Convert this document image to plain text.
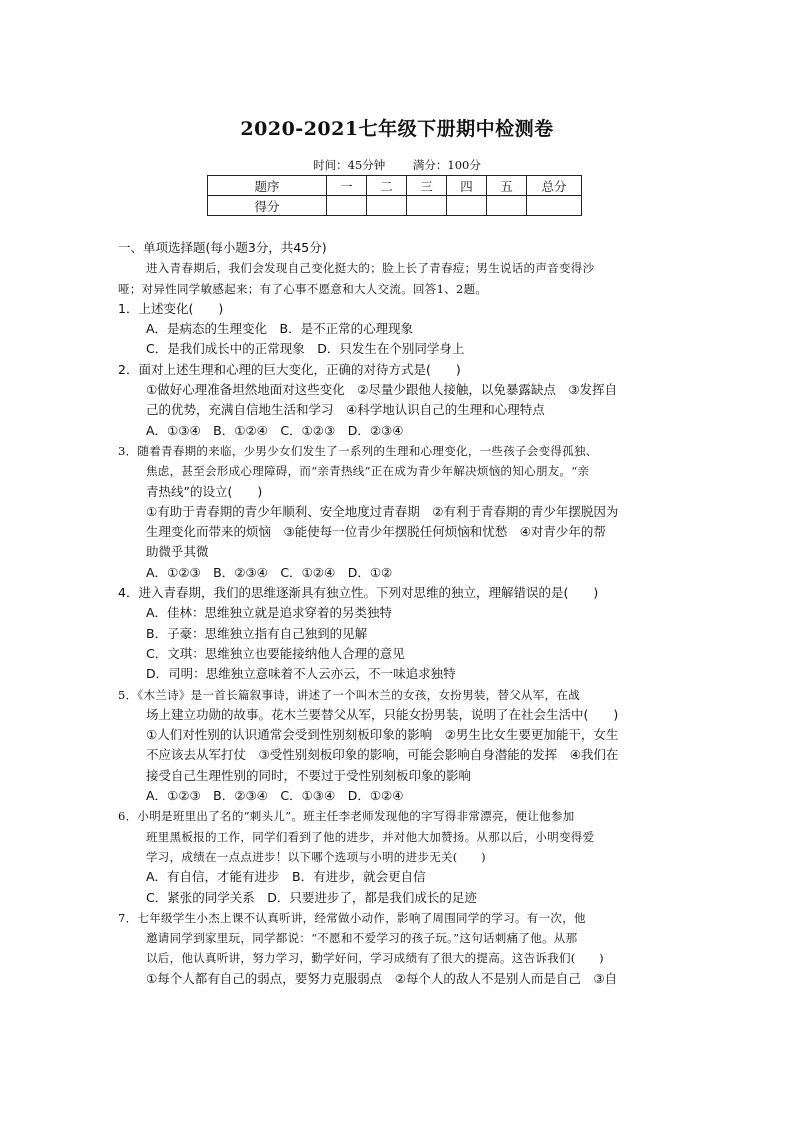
2020-2021七年级下册期中检测卷
时间：45分钟 满分：100分
题序	一	二	三	四	五	总分
得分						
一、单项选择题(每小题3分，共45分)
进入青春期后，我们会发现自己变化挺大的；脸上长了青春痘；男生说话的声音变得沙
哑；对异性同学敏感起来；有了心事不愿意和大人交流。回答1、2题。
1．上述变化(　　)
A．是病态的生理变化　B．是不正常的心理现象
C．是我们成长中的正常现象　D．只发生在个别同学身上
2．面对上述生理和心理的巨大变化，正确的对待方式是(　　)
①做好心理准备坦然地面对这些变化　②尽量少跟他人接触，以免暴露缺点　③发挥自
己的优势，充满自信地生活和学习　④科学地认识自己的生理和心理特点
A．①③④　B．①②④　C．①②③　D．②③④
3．随着青春期的来临，少男少女们发生了一系列的生理和心理变化，一些孩子会变得孤独、
焦虑，甚至会形成心理障碍，而“亲青热线”正在成为青少年解决烦恼的知心朋友。“亲
青热线”的设立(　　)
①有助于青春期的青少年顺利、安全地度过青春期　②有利于青春期的青少年摆脱因为
生理变化而带来的烦恼　③能使每一位青少年摆脱任何烦恼和忧愁　④对青少年的帮
助微乎其微
A．①②③　B．②③④　C．①②④　D．①②
4．进入青春期，我们的思维逐渐具有独立性。下列对思维的独立，理解错误的是(　　)
A．佳林：思维独立就是追求穿着的另类独特
B．子豪：思维独立指有自己独到的见解
C．文琪：思维独立也要能接纳他人合理的意见
D．司明：思维独立意味着不人云亦云，不一味追求独特
5．《木兰诗》是一首长篇叙事诗，讲述了一个叫木兰的女孩，女扮男装，替父从军，在战
场上建立功勋的故事。花木兰要替父从军，只能女扮男装，说明了在社会生活中(　　)
①人们对性别的认识通常会受到性别刻板印象的影响　②男生比女生要更加能干，女生
不应该去从军打仗　③受性别刻板印象的影响，可能会影响自身潜能的发挥　④我们在
接受自己生理性别的同时，不要过于受性别刻板印象的影响
A．①②③　B．②③④　C．①③④　D．①②④
6．小明是班里出了名的“刺头儿”。班主任李老师发现他的字写得非常漂亮，便让他参加
班里黑板报的工作，同学们看到了他的进步，并对他大加赞扬。从那以后，小明变得爱
学习，成绩在一点点进步！以下哪个选项与小明的进步无关(　　)
A．有自信，才能有进步　B．有进步，就会更自信
C．紧张的同学关系　D．只要进步了，都是我们成长的足迹
7．七年级学生小杰上课不认真听讲，经常做小动作，影响了周围同学的学习。有一次，他
邀请同学到家里玩，同学都说：“不愿和不爱学习的孩子玩。”这句话刺痛了他。从那
以后，他认真听讲，努力学习，勤学好问，学习成绩有了很大的提高。这告诉我们(　　)
①每个人都有自己的弱点，要努力克服弱点　②每个人的敌人不是别人而是自己　③自
